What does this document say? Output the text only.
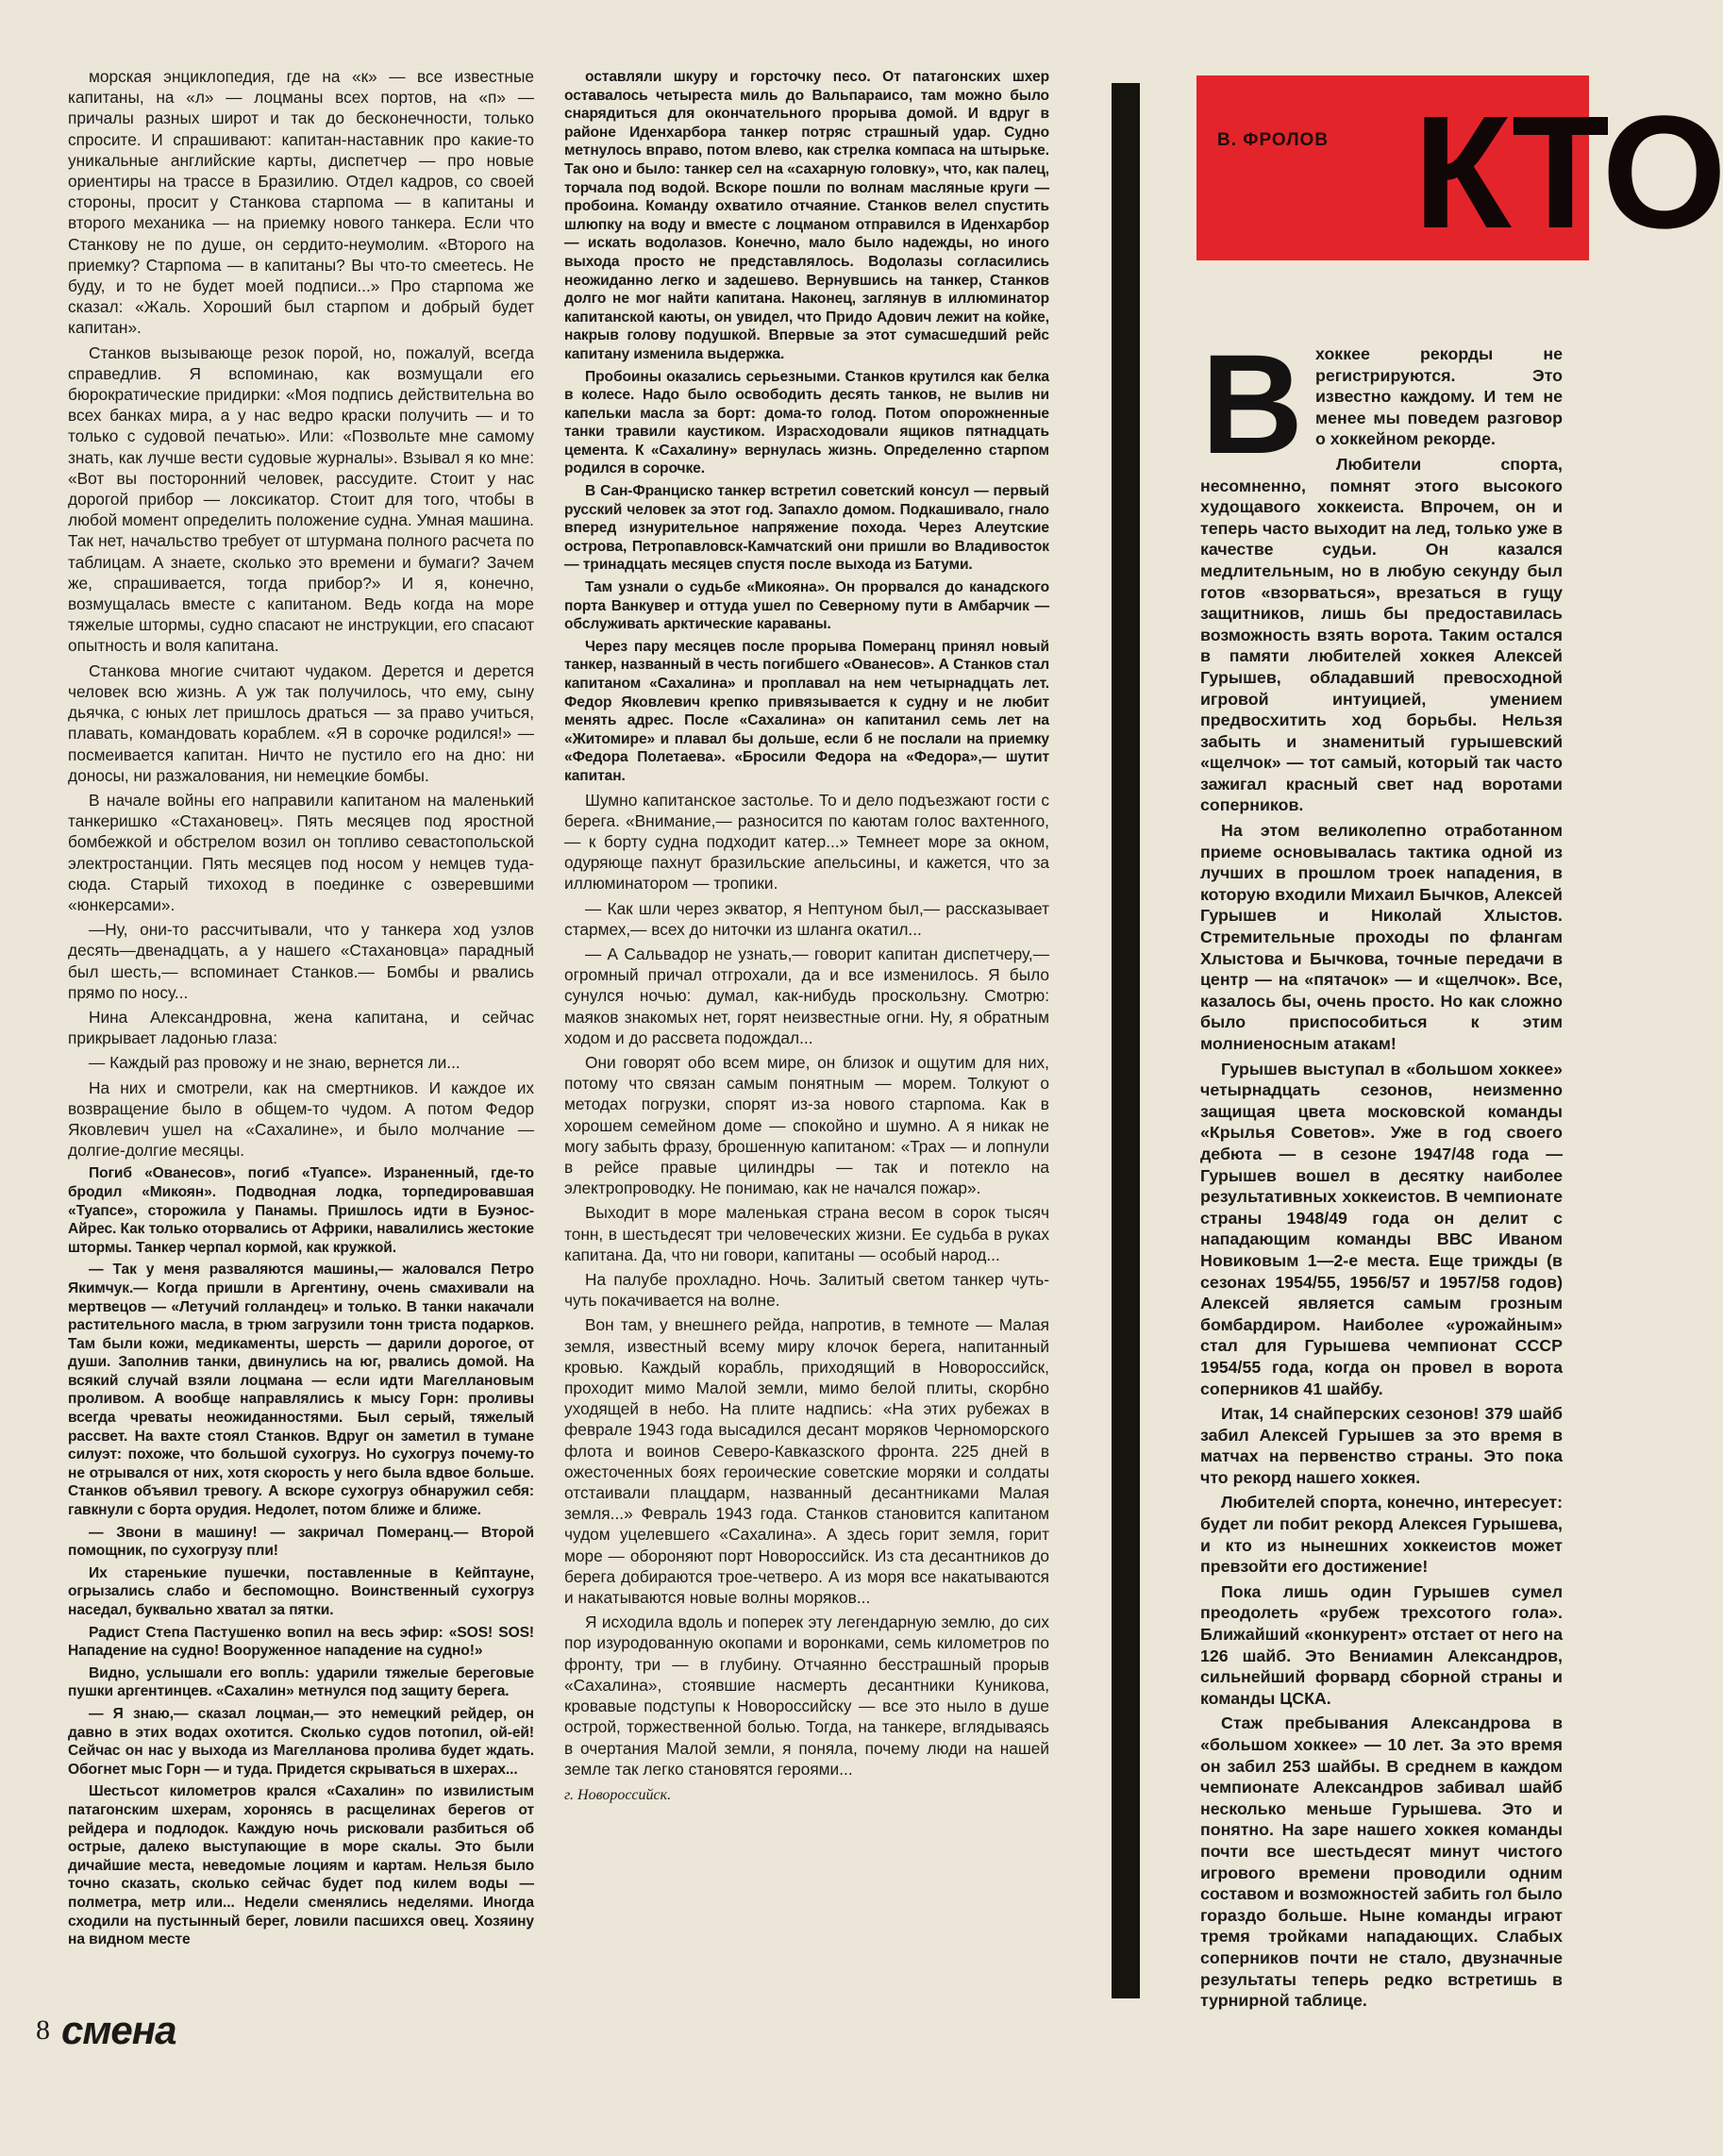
морская энциклопедия, где на «к» — все известные капитаны, на «л» — лоцманы всех портов, на «п» — причалы разных широт и так до бесконечности, только спросите. И спрашивают: капитан-наставник про какие-то уникальные английские карты, диспетчер — про новые ориентиры на трассе в Бразилию. Отдел кадров, со своей стороны, просит у Станкова старпома — в капитаны и второго механика — на приемку нового танкера. Если что Станкову не по душе, он сердито-неумолим. «Второго на приемку? Старпома — в капитаны? Вы что-то смеетесь. Не буду, и то не будет моей подписи...» Про старпома же сказал: «Жаль. Хороший был старпом и добрый будет капитан».

Станков вызывающе резок порой, но, пожалуй, всегда справедлив. Я вспоминаю, как возмущали его бюрократические придирки: «Моя подпись действительна во всех банках мира, а у нас ведро краски получить — и то только с судовой печатью». Или: «Позвольте мне самому знать, как лучше вести судовые журналы». Взывал я ко мне: «Вот вы посторонний человек, рассудите. Стоит у нас дорогой прибор — локсикатор. Стоит для того, чтобы в любой момент определить положение судна. Умная машина. Так нет, начальство требует от штурмана полного расчета по таблицам. А знаете, сколько это времени и бумаги? Зачем же, спрашивается, тогда прибор?» И я, конечно, возмущалась вместе с капитаном. Ведь когда на море тяжелые штормы, судно спасают не инструкции, его спасают опытность и воля капитана.

Станкова многие считают чудаком. Дерется и дерется человек всю жизнь. А уж так получилось, что ему, сыну дьячка, с юных лет пришлось драться — за право учиться, плавать, командовать кораблем. «Я в сорочке родился!» — посмеивается капитан. Ничто не пустило его на дно: ни доносы, ни разжалования, ни немецкие бомбы.

В начале войны его направили капитаном на маленький танкеришко «Стахановец». Пять месяцев под яростной бомбежкой и обстрелом возил он топливо севастопольской электростанции. Пять месяцев под носом у немцев туда-сюда. Старый тихоход в поединке с озверевшими «юнкерсами».

—Ну, они-то рассчитывали, что у танкера ход узлов десять—двенадцать, а у нашего «Стахановца» парадный был шесть,— вспоминает Станков.— Бомбы и рвались прямо по носу...

Нина Александровна, жена капитана, и сейчас прикрывает ладонью глаза:

— Каждый раз провожу и не знаю, вернется ли...

На них и смотрели, как на смертников. И каждое их возвращение было в общем-то чудом. А потом Федор Яковлевич ушел на «Сахалине», и было молчание — долгие-долгие месяцы.

Погиб «Ованесов», погиб «Туапсе». Израненный, где-то бродил «Микоян». Подводная лодка, торпедировавшая «Туапсе», сторожила у Панамы. Пришлось идти в Буэнос-Айрес. Как только оторвались от Африки, навалились жестокие штормы. Танкер черпал кормой, как кружкой.

— Так у меня разваляются машины,— жаловался Петро Якимчук.— Когда пришли в Аргентину, очень смахивали на мертвецов — «Летучий голландец» и только. В танки накачали растительного масла, в трюм загрузили тонн триста подарков. Там были кожи, медикаменты, шерсть — дарили дорогое, от души. Заполнив танки, двинулись на юг, рвались домой. На всякий случай взяли лоцмана — если идти Магеллановым проливом. А вообще направлялись к мысу Горн: проливы всегда чреваты неожиданностями. Был серый, тяжелый рассвет. На вахте стоял Станков. Вдруг он заметил в тумане силуэт: похоже, что большой сухогруз. Но сухогруз почему-то не отрывался от них, хотя скорость у него была вдвое больше. Станков объявил тревогу. А вскоре сухогруз обнаружил себя: гавкнули с борта орудия. Недолет, потом ближе и ближе.

— Звони в машину! — закричал Померанц.— Второй помощник, по сухогрузу пли!

Их старенькие пушечки, поставленные в Кейптауне, огрызались слабо и беспомощно. Воинственный сухогруз наседал, буквально хватал за пятки.

Радист Степа Пастушенко вопил на весь эфир: «SOS! SOS! Нападение на судно! Вооруженное нападение на судно!»

Видно, услышали его вопль: ударили тяжелые береговые пушки аргентинцев. «Сахалин» метнулся под защиту берега.

— Я знаю,— сказал лоцман,— это немецкий рейдер, он давно в этих водах охотится. Сколько судов потопил, ой-ей! Сейчас он нас у выхода из Магелланова пролива будет ждать. Обогнет мыс Горн — и туда. Придется скрываться в шхерах...

Шестьсот километров крался «Сахалин» по извилистым патагонским шхерам, хоронясь в расщелинах берегов от рейдера и подлодок. Каждую ночь рисковали разбиться об острые, далеко выступающие в море скалы. Это были дичайшие места, неведомые лоциям и картам. Нельзя было точно сказать, сколько сейчас будет под килем воды — полметра, метр или... Недели сменялись неделями. Иногда сходили на пустынный берег, ловили пасшихся овец. Хозяину на видном месте

оставляли шкуру и горсточку песо. От патагонских шхер оставалось четыреста миль до Вальпараисо, там можно было снарядиться для окончательного прорыва домой. И вдруг в районе Иденхарбора танкер потряс страшный удар. Судно метнулось вправо, потом влево, как стрелка компаса на штырьке. Так оно и было: танкер сел на «сахарную головку», что, как палец, торчала под водой. Вскоре пошли по волнам масляные круги — пробоина. Команду охватило отчаяние. Станков велел спустить шлюпку на воду и вместе с лоцманом отправился в Иденхарбор — искать водолазов. Конечно, мало было надежды, но иного выхода просто не представлялось. Водолазы согласились неожиданно легко и задешево. Вернувшись на танкер, Станков долго не мог найти капитана. Наконец, заглянув в иллюминатор капитанской каюты, он увидел, что Придо Адович лежит на койке, накрыв голову подушкой. Впервые за этот сумасшедший рейс капитану изменила выдержка.

Пробоины оказались серьезными. Станков крутился как белка в колесе. Надо было освободить десять танков, не вылив ни капельки масла за борт: дома-то голод. Потом опорожненные танки травили каустиком. Израсходовали ящиков пятнадцать цемента. К «Сахалину» вернулась жизнь. Определенно старпом родился в сорочке.

В Сан-Франциско танкер встретил советский консул — первый русский человек за этот год. Запахло домом. Подкашивало, гнало вперед изнурительное напряжение похода. Через Алеутские острова, Петропавловск-Камчатский они пришли во Владивосток — тринадцать месяцев спустя после выхода из Батуми.

Там узнали о судьбе «Микояна». Он прорвался до канадского порта Ванкувер и оттуда ушел по Северному пути в Амбарчик — обслуживать арктические караваны.

Через пару месяцев после прорыва Померанц принял новый танкер, названный в честь погибшего «Ованесов». А Станков стал капитаном «Сахалина» и проплавал на нем четырнадцать лет. Федор Яковлевич крепко привязывается к судну и не любит менять адрес. После «Сахалина» он капитанил семь лет на «Житомире» и плавал бы дольше, если б не послали на приемку «Федора Полетаева». «Бросили Федора на «Федора»,— шутит капитан.

Шумно капитанское застолье. То и дело подъезжают гости с берега. «Внимание,— разносится по каютам голос вахтенного,— к борту судна подходит катер...» Темнеет море за окном, одуряюще пахнут бразильские апельсины, и кажется, что за иллюминатором — тропики.

— Как шли через экватор, я Нептуном был,— рассказывает стармех,— всех до ниточки из шланга окатил...

— А Сальвадор не узнать,— говорит капитан диспетчеру,— огромный причал отгрохали, да и все изменилось. Я было сунулся ночью: думал, как-нибудь проскользну. Смотрю: маяков знакомых нет, горят неизвестные огни. Ну, я обратным ходом и до рассвета подождал...

Они говорят обо всем мире, он близок и ощутим для них, потому что связан самым понятным — морем. Толкуют о методах погрузки, спорят из-за нового старпома. Как в хорошем семейном доме — спокойно и шумно. А я никак не могу забыть фразу, брошенную капитаном: «Трах — и лопнули в рейсе правые цилиндры — так и потекло на электропроводку. Не понимаю, как не начался пожар».

Выходит в море маленькая страна весом в сорок тысяч тонн, в шестьдесят три человеческих жизни. Ее судьба в руках капитана. Да, что ни говори, капитаны — особый народ...

На палубе прохладно. Ночь. Залитый светом танкер чуть-чуть покачивается на волне.

Вон там, у внешнего рейда, напротив, в темноте — Малая земля, известный всему миру клочок берега, напитанный кровью. Каждый корабль, приходящий в Новороссийск, проходит мимо Малой земли, мимо белой плиты, скорбно уходящей в небо. На плите надпись: «На этих рубежах в феврале 1943 года высадился десант моряков Черноморского флота и воинов Северо-Кавказского фронта. 225 дней в ожесточенных боях героические советские моряки и солдаты отстаивали плацдарм, названный десантниками Малая земля...» Февраль 1943 года. Станков становится капитаном чудом уцелевшего «Сахалина». А здесь горит земля, горит море — обороняют порт Новороссийск. Из ста десантников до берега добираются трое-четверо. А из моря все накатываются и накатываются новые волны моряков...

Я исходила вдоль и поперек эту легендарную землю, до сих пор изуродованную окопами и воронками, семь километров по фронту, три — в глубину. Отчаянно бесстрашный прорыв «Сахалина», стоявшие насмерть десантники Куникова, кровавые подступы к Новороссийску — все это ныло в душе острой, торжественной болью. Тогда, на танкере, вглядываясь в очертания Малой земли, я поняла, почему люди на нашей земле так легко становятся героями...

г. Новороссийск.

В. ФРОЛОВ КТО
В хоккее рекорды не регистрируются. Это известно каждому. И тем не менее мы поведем разговор о хоккейном рекорде.

Любители спорта, несомненно, помнят этого высокого худощавого хоккеиста. Впрочем, он и теперь часто выходит на лед, только уже в качестве судьи. Он казался медлительным, но в любую секунду был готов «взорваться», врезаться в гущу защитников, лишь бы предоставилась возможность взять ворота. Таким остался в памяти любителей хоккея Алексей Гурышев, обладавший превосходной игровой интуицией, умением предвосхитить ход борьбы. Нельзя забыть и знаменитый гурышевский «щелчок» — тот самый, который так часто зажигал красный свет над воротами соперников.

На этом великолепно отработанном приеме основывалась тактика одной из лучших в прошлом троек нападения, в которую входили Михаил Бычков, Алексей Гурышев и Николай Хлыстов. Стремительные проходы по флангам Хлыстова и Бычкова, точные передачи в центр — на «пятачок» — и «щелчок». Все, казалось бы, очень просто. Но как сложно было приспособиться к этим молниеносным атакам!

Гурышев выступал в «большом хоккее» четырнадцать сезонов, неизменно защищая цвета московской команды «Крылья Советов». Уже в год своего дебюта — в сезоне 1947/48 года — Гурышев вошел в десятку наиболее результативных хоккеистов. В чемпионате страны 1948/49 года он делит с нападающим команды ВВС Иваном Новиковым 1—2-е места. Еще трижды (в сезонах 1954/55, 1956/57 и 1957/58 годов) Алексей является самым грозным бомбардиром. Наиболее «урожайным» стал для Гурышева чемпионат СССР 1954/55 года, когда он провел в ворота соперников 41 шайбу.

Итак, 14 снайперских сезонов! 379 шайб забил Алексей Гурышев за это время в матчах на первенство страны. Это пока что рекорд нашего хоккея.

Любителей спорта, конечно, интересует: будет ли побит рекорд Алексея Гурышева, и кто из нынешних хоккеистов может превзойти его достижение!

Пока лишь один Гурышев сумел преодолеть «рубеж трехсотого гола». Ближайший «конкурент» отстает от него на 126 шайб. Это Вениамин Александров, сильнейший форвард сборной страны и команды ЦСКА.

Стаж пребывания Александрова в «большом хоккее» — 10 лет. За это время он забил 253 шайбы. В среднем в каждом чемпионате Александров забивал шайб несколько меньше Гурышева. Это и понятно. На заре нашего хоккея команды почти все шестьдесят минут чистого игрового времени проводили одним составом и возможностей забить гол было гораздо больше. Ныне команды играют тремя тройками нападающих. Слабых соперников почти не стало, двузначные результаты теперь редко встретишь в турнирной таблице.

8 смена
